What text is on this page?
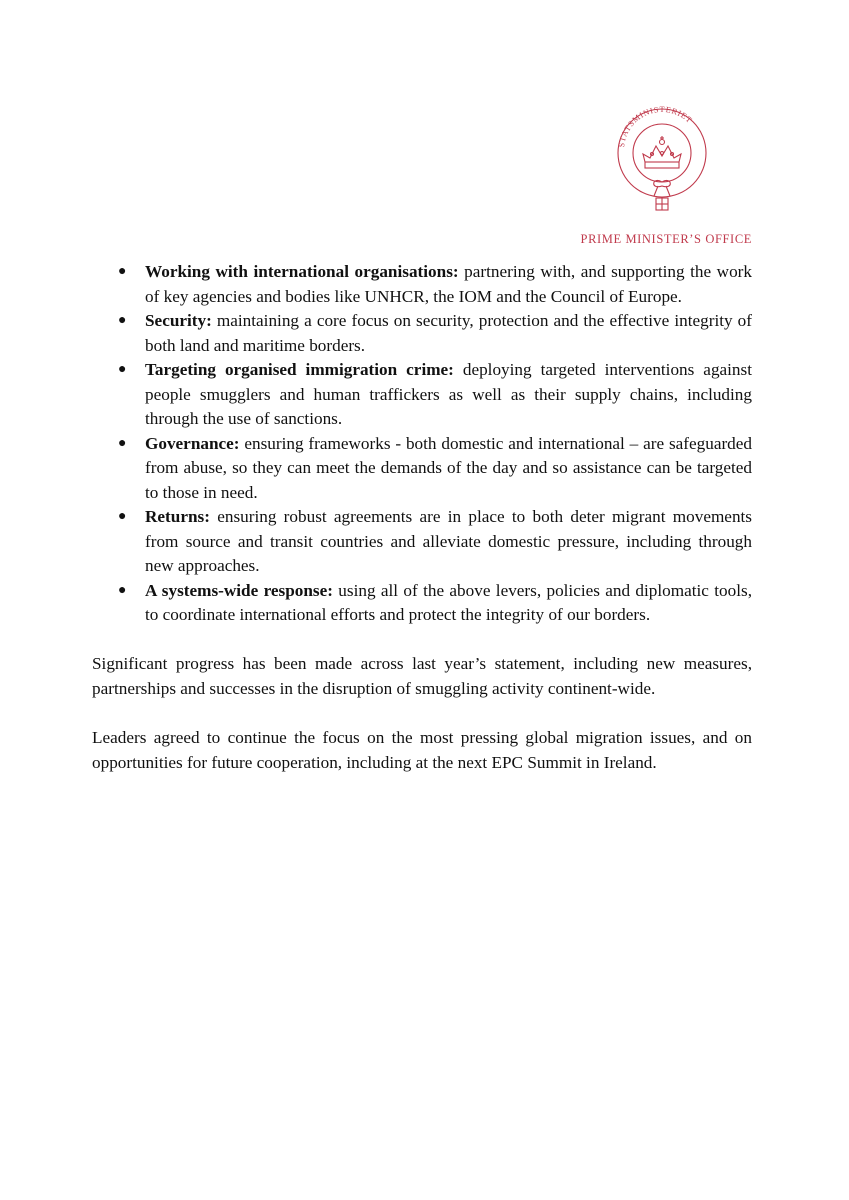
STATSMINISTERIET
PRIME MINISTER’S OFFICE
● Working with international organisations: partnering with, and supporting the work of key agencies and bodies like UNHCR, the IOM and the Council of Europe.
● Security: maintaining a core focus on security, protection and the effective integrity of both land and maritime borders.
● Targeting organised immigration crime: deploying targeted interventions against people smugglers and human traffickers as well as their supply chains, including through the use of sanctions.
● Governance: ensuring frameworks - both domestic and international – are safeguarded from abuse, so they can meet the demands of the day and so assistance can be targeted to those in need.
● Returns: ensuring robust agreements are in place to both deter migrant movements from source and transit countries and alleviate domestic pressure, including through new approaches.
● A systems-wide response: using all of the above levers, policies and diplomatic tools, to coordinate international efforts and protect the integrity of our borders.

Significant progress has been made across last year’s statement, including new measures, partnerships and successes in the disruption of smuggling activity continent-wide.

Leaders agreed to continue the focus on the most pressing global migration issues, and on opportunities for future cooperation, including at the next EPC Summit in Ireland.
